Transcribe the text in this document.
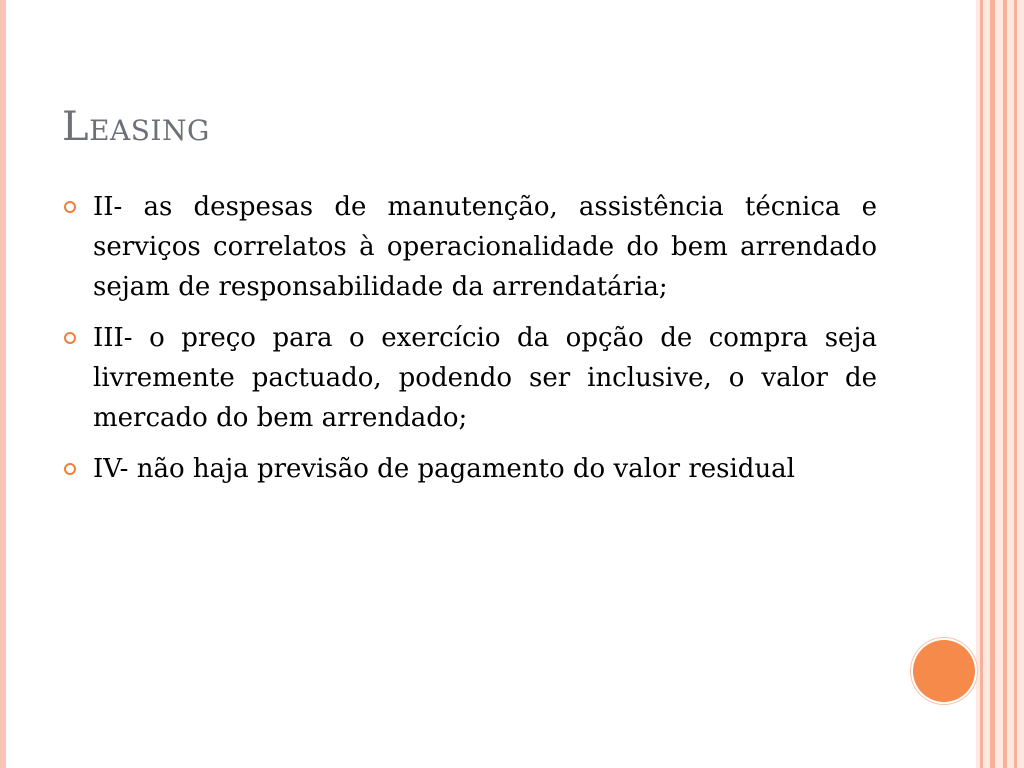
Leasing
II- as despesas de manutenção, assistência técnica e serviços correlatos à operacionalidade do bem arrendado sejam de responsabilidade da arrendatária;
III- o preço para o exercício da opção de compra seja livremente pactuado, podendo ser inclusive, o valor de mercado do bem arrendado;
IV- não haja previsão de pagamento do valor residual
